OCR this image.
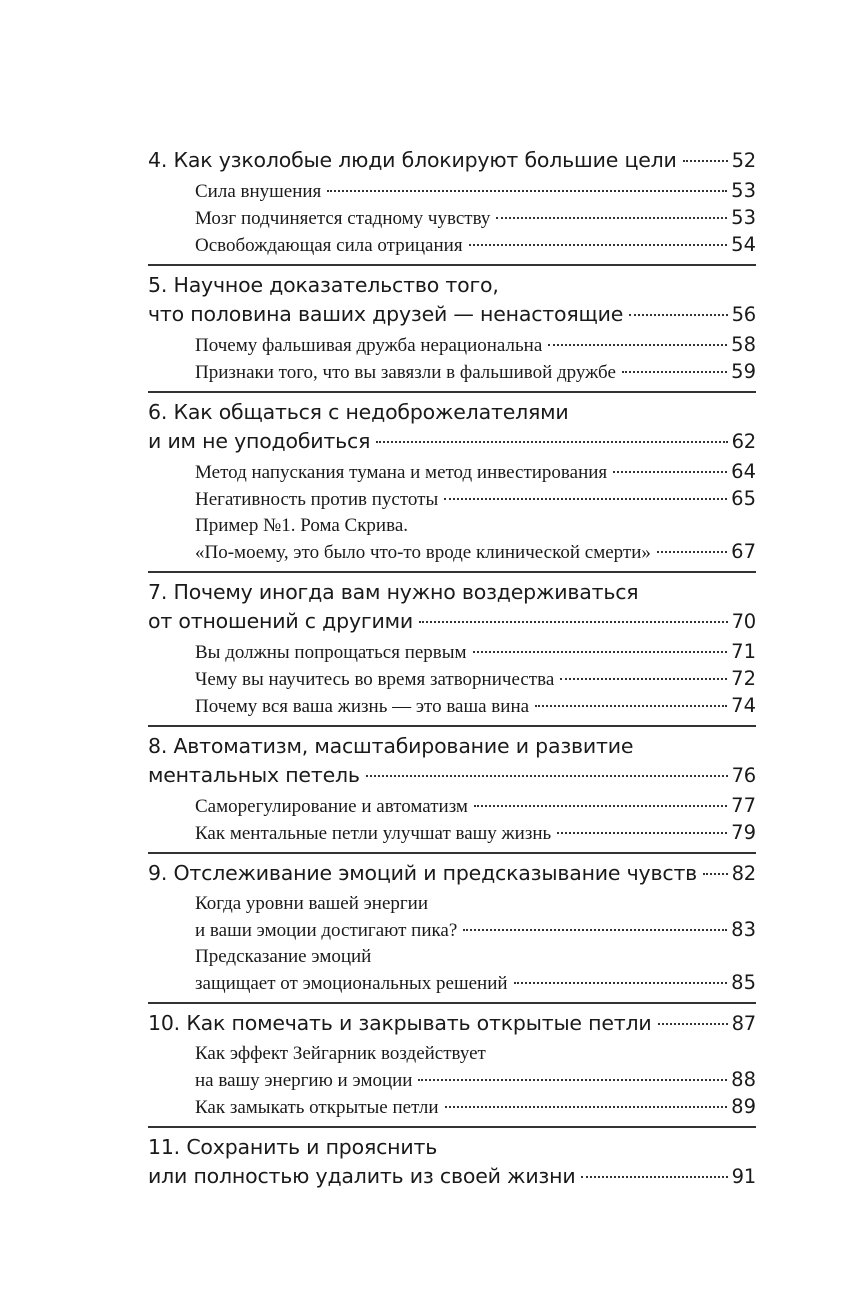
4. Как узколобые люди блокируют большие цели	52
Сила внушения	53
Мозг подчиняется стадному чувству	53
Освобождающая сила отрицания	54
5. Научное доказательство того,
что половина ваших друзей — ненастоящие	56
Почему фальшивая дружба нерациональна	58
Признаки того, что вы завязли в фальшивой дружбе	59
6. Как общаться с недоброжелателями
и им не уподобиться	62
Метод напускания тумана и метод инвестирования	64
Негативность против пустоты	65
Пример №1. Рома Скрива.
«По-моему, это было что-то вроде клинической смерти»	67
7. Почему иногда вам нужно воздерживаться
от отношений с другими	70
Вы должны попрощаться первым	71
Чему вы научитесь во время затворничества	72
Почему вся ваша жизнь — это ваша вина	74
8. Автоматизм, масштабирование и развитие
ментальных петель	76
Саморегулирование и автоматизм	77
Как ментальные петли улучшат вашу жизнь	79
9. Отслеживание эмоций и предсказывание чувств 82
Когда уровни вашей энергии
и ваши эмоции достигают пика?	83
Предсказание эмоций
защищает от эмоциональных решений	85
10. Как помечать и закрывать открытые петли	87
Как эффект Зейгарник воздействует
на вашу энергию и эмоции	88
Как замыкать открытые петли	89
11. Сохранить и прояснить
или полностью удалить из своей жизни	91
